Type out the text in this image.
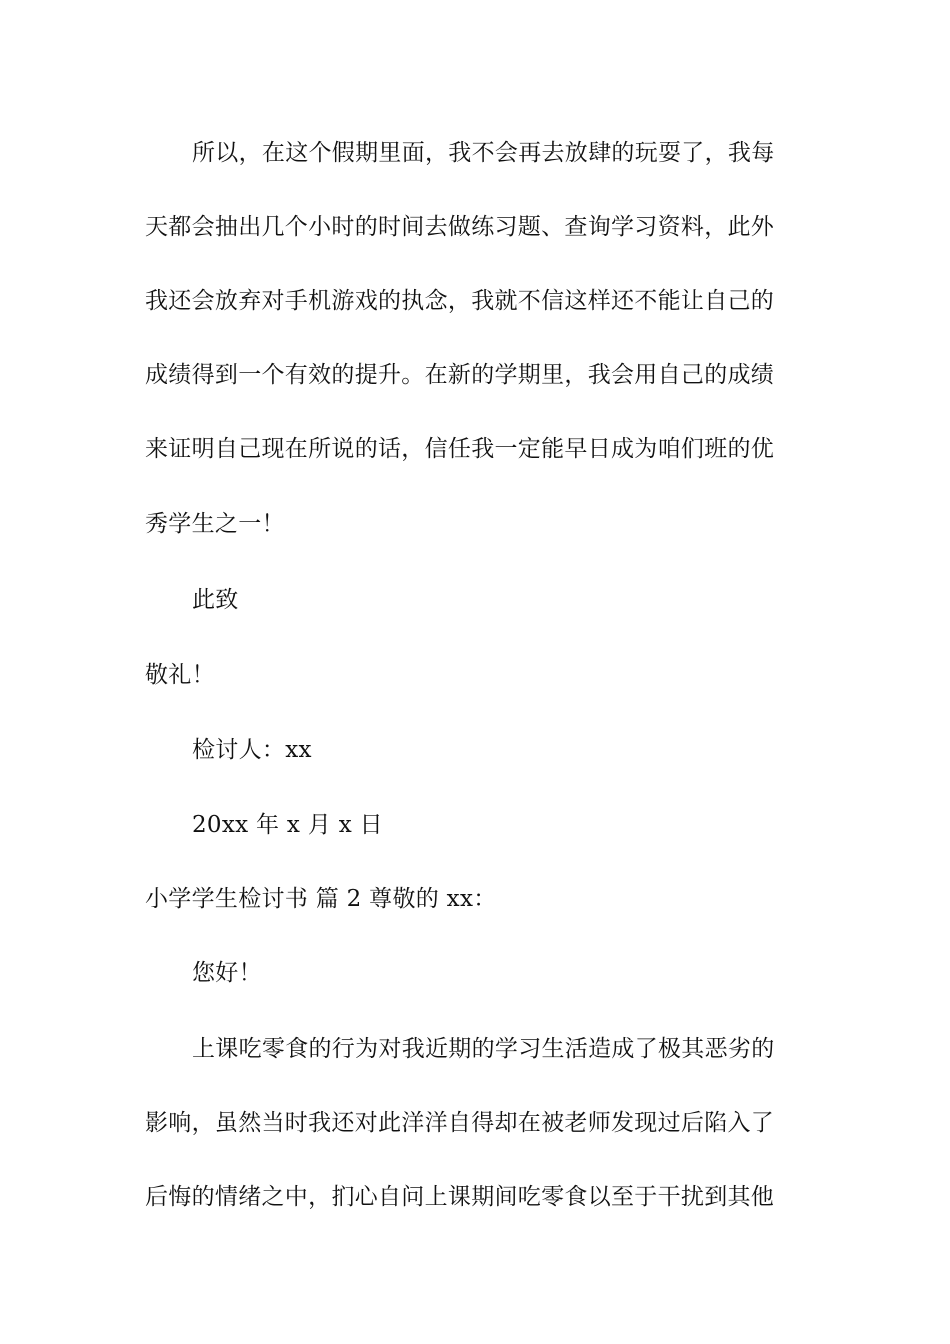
所以，在这个假期里面，我不会再去放肆的玩耍了，我每
天都会抽出几个小时的时间去做练习题、查询学习资料，此外
我还会放弃对手机游戏的执念，我就不信这样还不能让自己的
成绩得到一个有效的提升。在新的学期里，我会用自己的成绩
来证明自己现在所说的话，信任我一定能早日成为咱们班的优
秀学生之一！
此致
敬礼！
检讨人：xx
20xx 年 x 月 x 日
小学学生检讨书 篇 2 尊敬的 xx：
您好！
上课吃零食的行为对我近期的学习生活造成了极其恶劣的
影响，虽然当时我还对此洋洋自得却在被老师发现过后陷入了
后悔的情绪之中，扪心自问上课期间吃零食以至于干扰到其他
